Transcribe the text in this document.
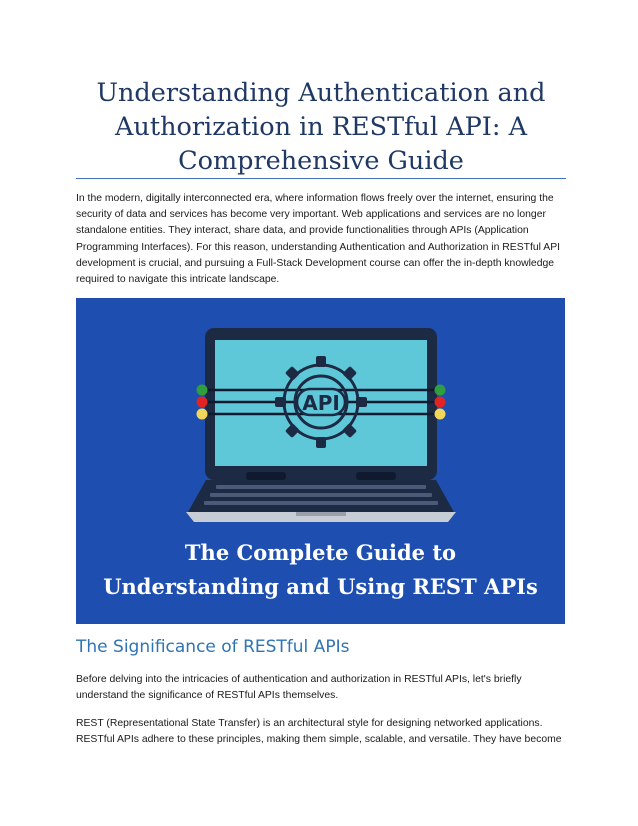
Understanding Authentication and Authorization in RESTful API: A Comprehensive Guide

In the modern, digitally interconnected era, where information flows freely over the internet, ensuring the security of data and services has become very important. Web applications and services are no longer standalone entities. They interact, share data, and provide functionalities through APIs (Application Programming Interfaces). For this reason, understanding Authentication and Authorization in RESTful API development is crucial, and pursuing a Full-Stack Development course can offer the in-depth knowledge required to navigate this intricate landscape.

API
The Complete Guide to
Understanding and Using REST APIs
The Significance of RESTful APIs

Before delving into the intricacies of authentication and authorization in RESTful APIs, let's briefly understand the significance of RESTful APIs themselves.

REST (Representational State Transfer) is an architectural style for designing networked applications. RESTful APIs adhere to these principles, making them simple, scalable, and versatile. They have become
